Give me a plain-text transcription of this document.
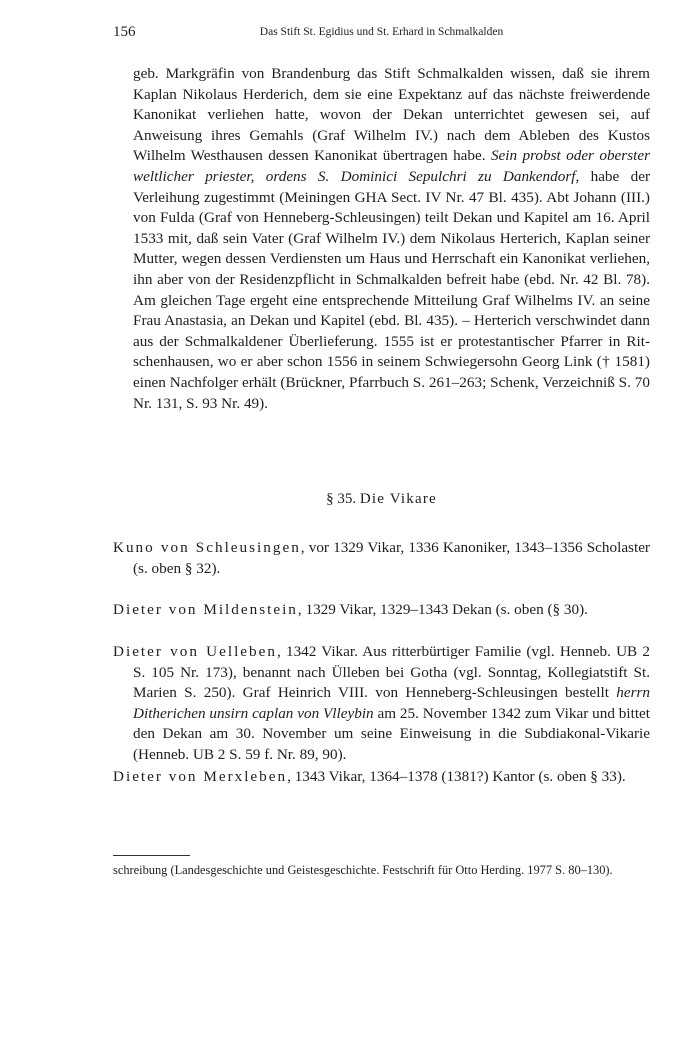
156	Das Stift St. Egidius und St. Erhard in Schmalkalden
geb. Markgräfin von Brandenburg das Stift Schmalkalden wissen, daß sie ihrem Kaplan Nikolaus Herderich, dem sie eine Expektanz auf das nächste freiwerdende Kanonikat verliehen hatte, wovon der Dekan unterrichtet gewesen sei, auf Anweisung ihres Gemahls (Graf Wilhelm IV.) nach dem Ableben des Kustos Wilhelm Westhausen dessen Kanonikat übertragen habe. Sein probst oder oberster weltlicher priester, ordens S. Dominici Sepulchri zu Dankendorf, habe der Verleihung zugestimmt (Meiningen GHA Sect. IV Nr. 47 Bl. 435). Abt Johann (III.) von Fulda (Graf von Henneberg-Schleusingen) teilt Dekan und Kapitel am 16. April 1533 mit, daß sein Vater (Graf Wilhelm IV.) dem Nikolaus Herterich, Kaplan seiner Mutter, wegen dessen Verdiensten um Haus und Herrschaft ein Kanonikat verliehen, ihn aber von der Residenzpflicht in Schmalkalden befreit habe (ebd. Nr. 42 Bl. 78). Am gleichen Tage ergeht eine entsprechende Mitteilung Graf Wilhelms IV. an seine Frau Anastasia, an Dekan und Kapitel (ebd. Bl. 435). – Herterich verschwindet dann aus der Schmalkaldener Überlieferung. 1555 ist er protestantischer Pfarrer in Ritschenhausen, wo er aber schon 1556 in seinem Schwiegersohn Georg Link († 1581) einen Nachfolger erhält (Brückner, Pfarrbuch S. 261–263; Schenk, Verzeichniß S. 70 Nr. 131, S. 93 Nr. 49).
§ 35. Die Vikare
Kuno von Schleusingen, vor 1329 Vikar, 1336 Kanoniker, 1343–1356 Scholaster (s. oben § 32).
Dieter von Mildenstein, 1329 Vikar, 1329–1343 Dekan (s. oben (§ 30).
Dieter von Uelleben, 1342 Vikar. Aus ritterbürtiger Familie (vgl. Henneb. UB 2 S. 105 Nr. 173), benannt nach Ülleben bei Gotha (vgl. Sonntag, Kollegiatstift St. Marien S. 250). Graf Heinrich VIII. von Henneberg-Schleusingen bestellt herrn Ditherichen unsirn caplan von Vlleybin am 25. November 1342 zum Vikar und bittet den Dekan am 30. November um seine Einweisung in die Subdiakonal-Vikarie (Henneb. UB 2 S. 59 f. Nr. 89, 90).
Dieter von Merxleben, 1343 Vikar, 1364–1378 (1381?) Kantor (s. oben § 33).
schreibung (Landesgeschichte und Geistesgeschichte. Festschrift für Otto Herding. 1977 S. 80–130).
